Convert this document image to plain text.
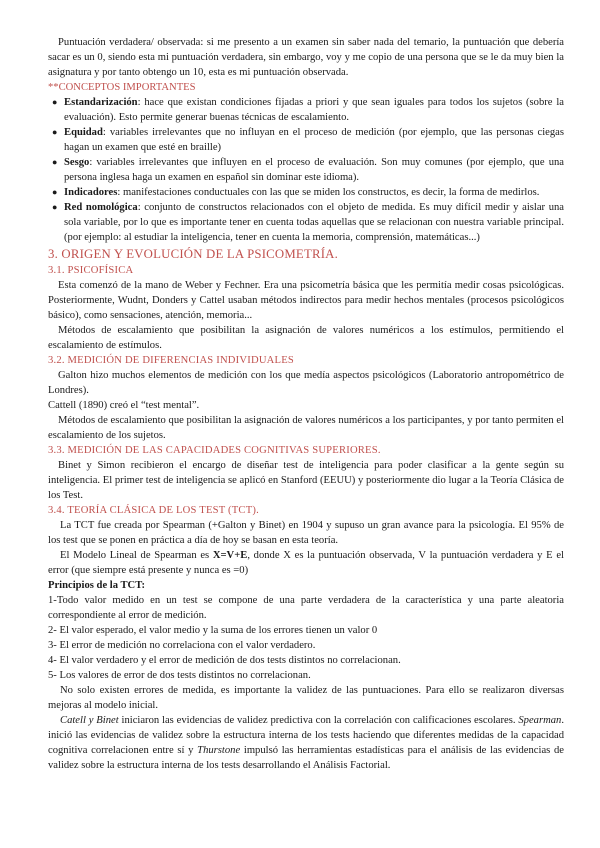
Puntuación verdadera/ observada: si me presento a un examen sin saber nada del temario, la puntuación que debería sacar es un 0, siendo esta mi puntuación verdadera, sin embargo, voy y me copio de una persona que se le da muy bien la asignatura y por tanto obtengo un 10, esta es mi puntuación observada.

**CONCEPTOS IMPORTANTES

● Estandarización: hace que existan condiciones fijadas a priori y que sean iguales para todos los sujetos (sobre la evaluación). Esto permite generar buenas técnicas de escalamiento.
● Equidad: variables irrelevantes que no influyan en el proceso de medición (por ejemplo, que las personas ciegas hagan un examen que esté en braille)
● Sesgo: variables irrelevantes que influyen en el proceso de evaluación. Son muy comunes (por ejemplo, que una persona inglesa haga un examen en español sin dominar este idioma).
● Indicadores: manifestaciones conductuales con las que se miden los constructos, es decir, la forma de medirlos.
● Red nomológica: conjunto de constructos relacionados con el objeto de medida. Es muy difícil medir y aislar una sola variable, por lo que es importante tener en cuenta todas aquellas que se relacionan con nuestra variable principal. (por ejemplo: al estudiar la inteligencia, tener en cuenta la memoria, comprensión, matemáticas...)

3. ORIGEN Y EVOLUCIÓN DE LA PSICOMETRÍA.

3.1. PSICOFÍSICA

Esta comenzó de la mano de Weber y Fechner. Era una psicometría básica que les permitía medir cosas psicológicas. Posteriormente, Wudnt, Donders y Cattel usaban métodos indirectos para medir hechos mentales (procesos psicológicos básico), como sensaciones, atención, memoria...

Métodos de escalamiento que posibilitan la asignación de valores numéricos a los estímulos, permitiendo el escalamiento de estímulos.

3.2. MEDICIÓN DE DIFERENCIAS INDIVIDUALES

Galton hizo muchos elementos de medición con los que medía aspectos psicológicos (Laboratorio antropométrico de Londres).

Cattell (1890) creó el “test mental”.

Métodos de escalamiento que posibilitan la asignación de valores numéricos a los participantes, y por tanto permiten el escalamiento de los sujetos.

3.3. MEDICIÓN DE LAS CAPACIDADES COGNITIVAS SUPERIORES.

Binet y Simon recibieron el encargo de diseñar test de inteligencia para poder clasificar a la gente según su inteligencia. El primer test de inteligencia se aplicó en Stanford (EEUU) y posteriormente dio lugar a la Teoría Clásica de los Test.

3.4. TEORÍA CLÁSICA DE LOS TEST (TCT).

La TCT fue creada por Spearman (+Galton y Binet) en 1904 y supuso un gran avance para la psicología. El 95% de los test que se ponen en práctica a día de hoy se basan en esta teoría.

El Modelo Lineal de Spearman es X=V+E, donde X es la puntuación observada, V la puntuación verdadera y E el error (que siempre está presente y nunca es =0)

Principios de la TCT:

1-Todo valor medido en un test se compone de una parte verdadera de la característica y una parte aleatoria correspondiente al error de medición.

2- El valor esperado, el valor medio y la suma de los errores tienen un valor 0

3- El error de medición no correlaciona con el valor verdadero.

4- El valor verdadero y el error de medición de dos tests distintos no correlacionan.

5- Los valores de error de dos tests distintos no correlacionan.

No solo existen errores de medida, es importante la validez de las puntuaciones. Para ello se realizaron diversas mejoras al modelo inicial.

Catell y Binet iniciaron las evidencias de validez predictiva con la correlación con calificaciones escolares. Spearman. inició las evidencias de validez sobre la estructura interna de los tests haciendo que diferentes medidas de la capacidad cognitiva correlacionen entre sí y Thurstone impulsó las herramientas estadísticas para el análisis de las evidencias de validez sobre la estructura interna de los tests desarrollando el Análisis Factorial.
